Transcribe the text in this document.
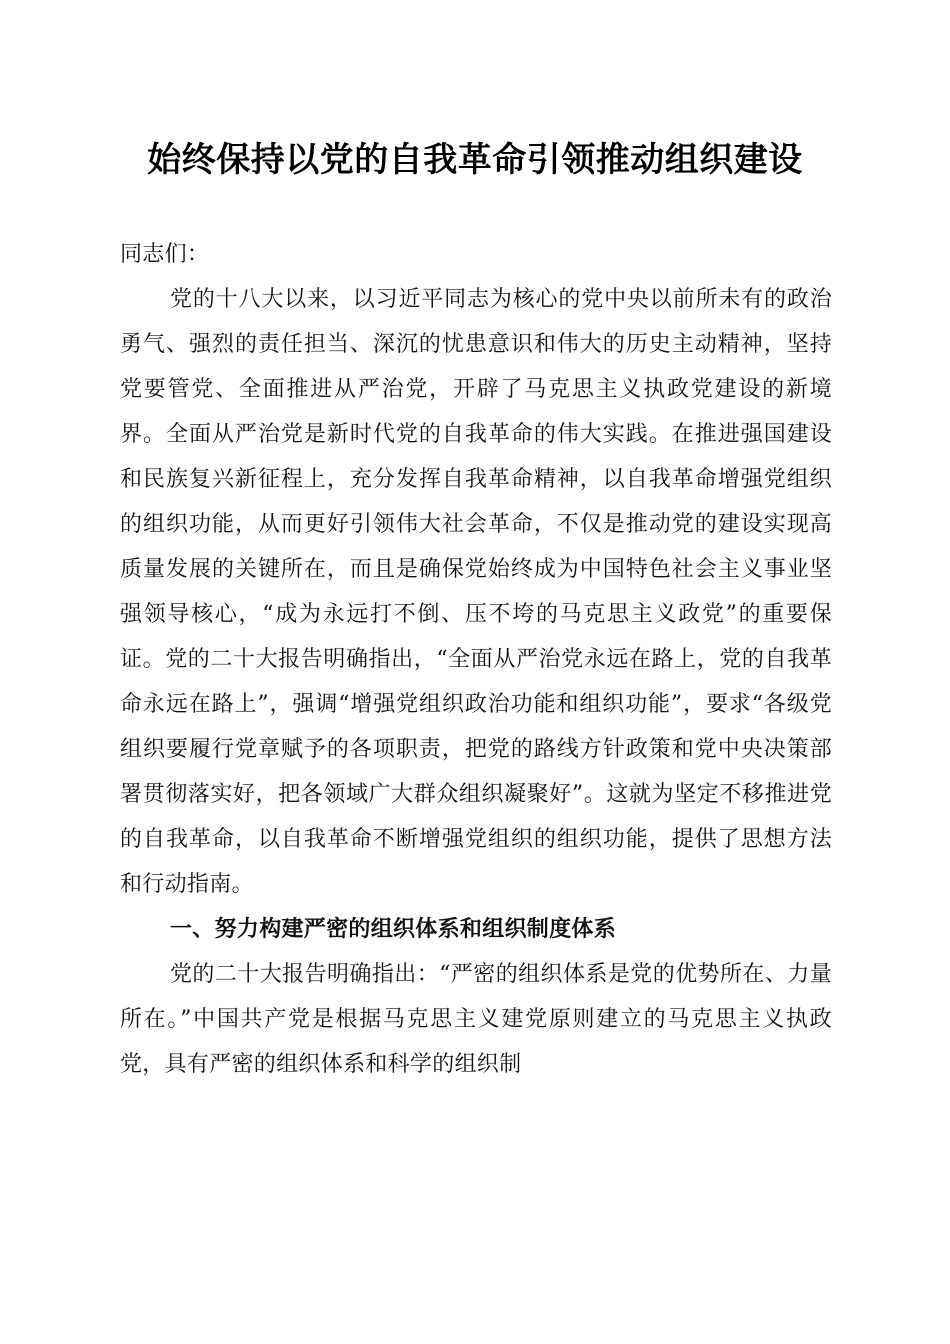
始终保持以党的自我革命引领推动组织建设

同志们：

党的十八大以来，以习近平同志为核心的党中央以前所未有的政治勇气、强烈的责任担当、深沉的忧患意识和伟大的历史主动精神，坚持党要管党、全面推进从严治党，开辟了马克思主义执政党建设的新境界。全面从严治党是新时代党的自我革命的伟大实践。在推进强国建设和民族复兴新征程上，充分发挥自我革命精神，以自我革命增强党组织的组织功能，从而更好引领伟大社会革命，不仅是推动党的建设实现高质量发展的关键所在，而且是确保党始终成为中国特色社会主义事业坚强领导核心，“成为永远打不倒、压不垮的马克思主义政党”的重要保证。党的二十大报告明确指出，“全面从严治党永远在路上，党的自我革命永远在路上”，强调“增强党组织政治功能和组织功能”，要求“各级党组织要履行党章赋予的各项职责，把党的路线方针政策和党中央决策部署贯彻落实好，把各领域广大群众组织凝聚好”。这就为坚定不移推进党的自我革命，以自我革命不断增强党组织的组织功能，提供了思想方法和行动指南。

一、努力构建严密的组织体系和组织制度体系

党的二十大报告明确指出：“严密的组织体系是党的优势所在、力量所在。”中国共产党是根据马克思主义建党原则建立的马克思主义执政党，具有严密的组织体系和科学的组织制
